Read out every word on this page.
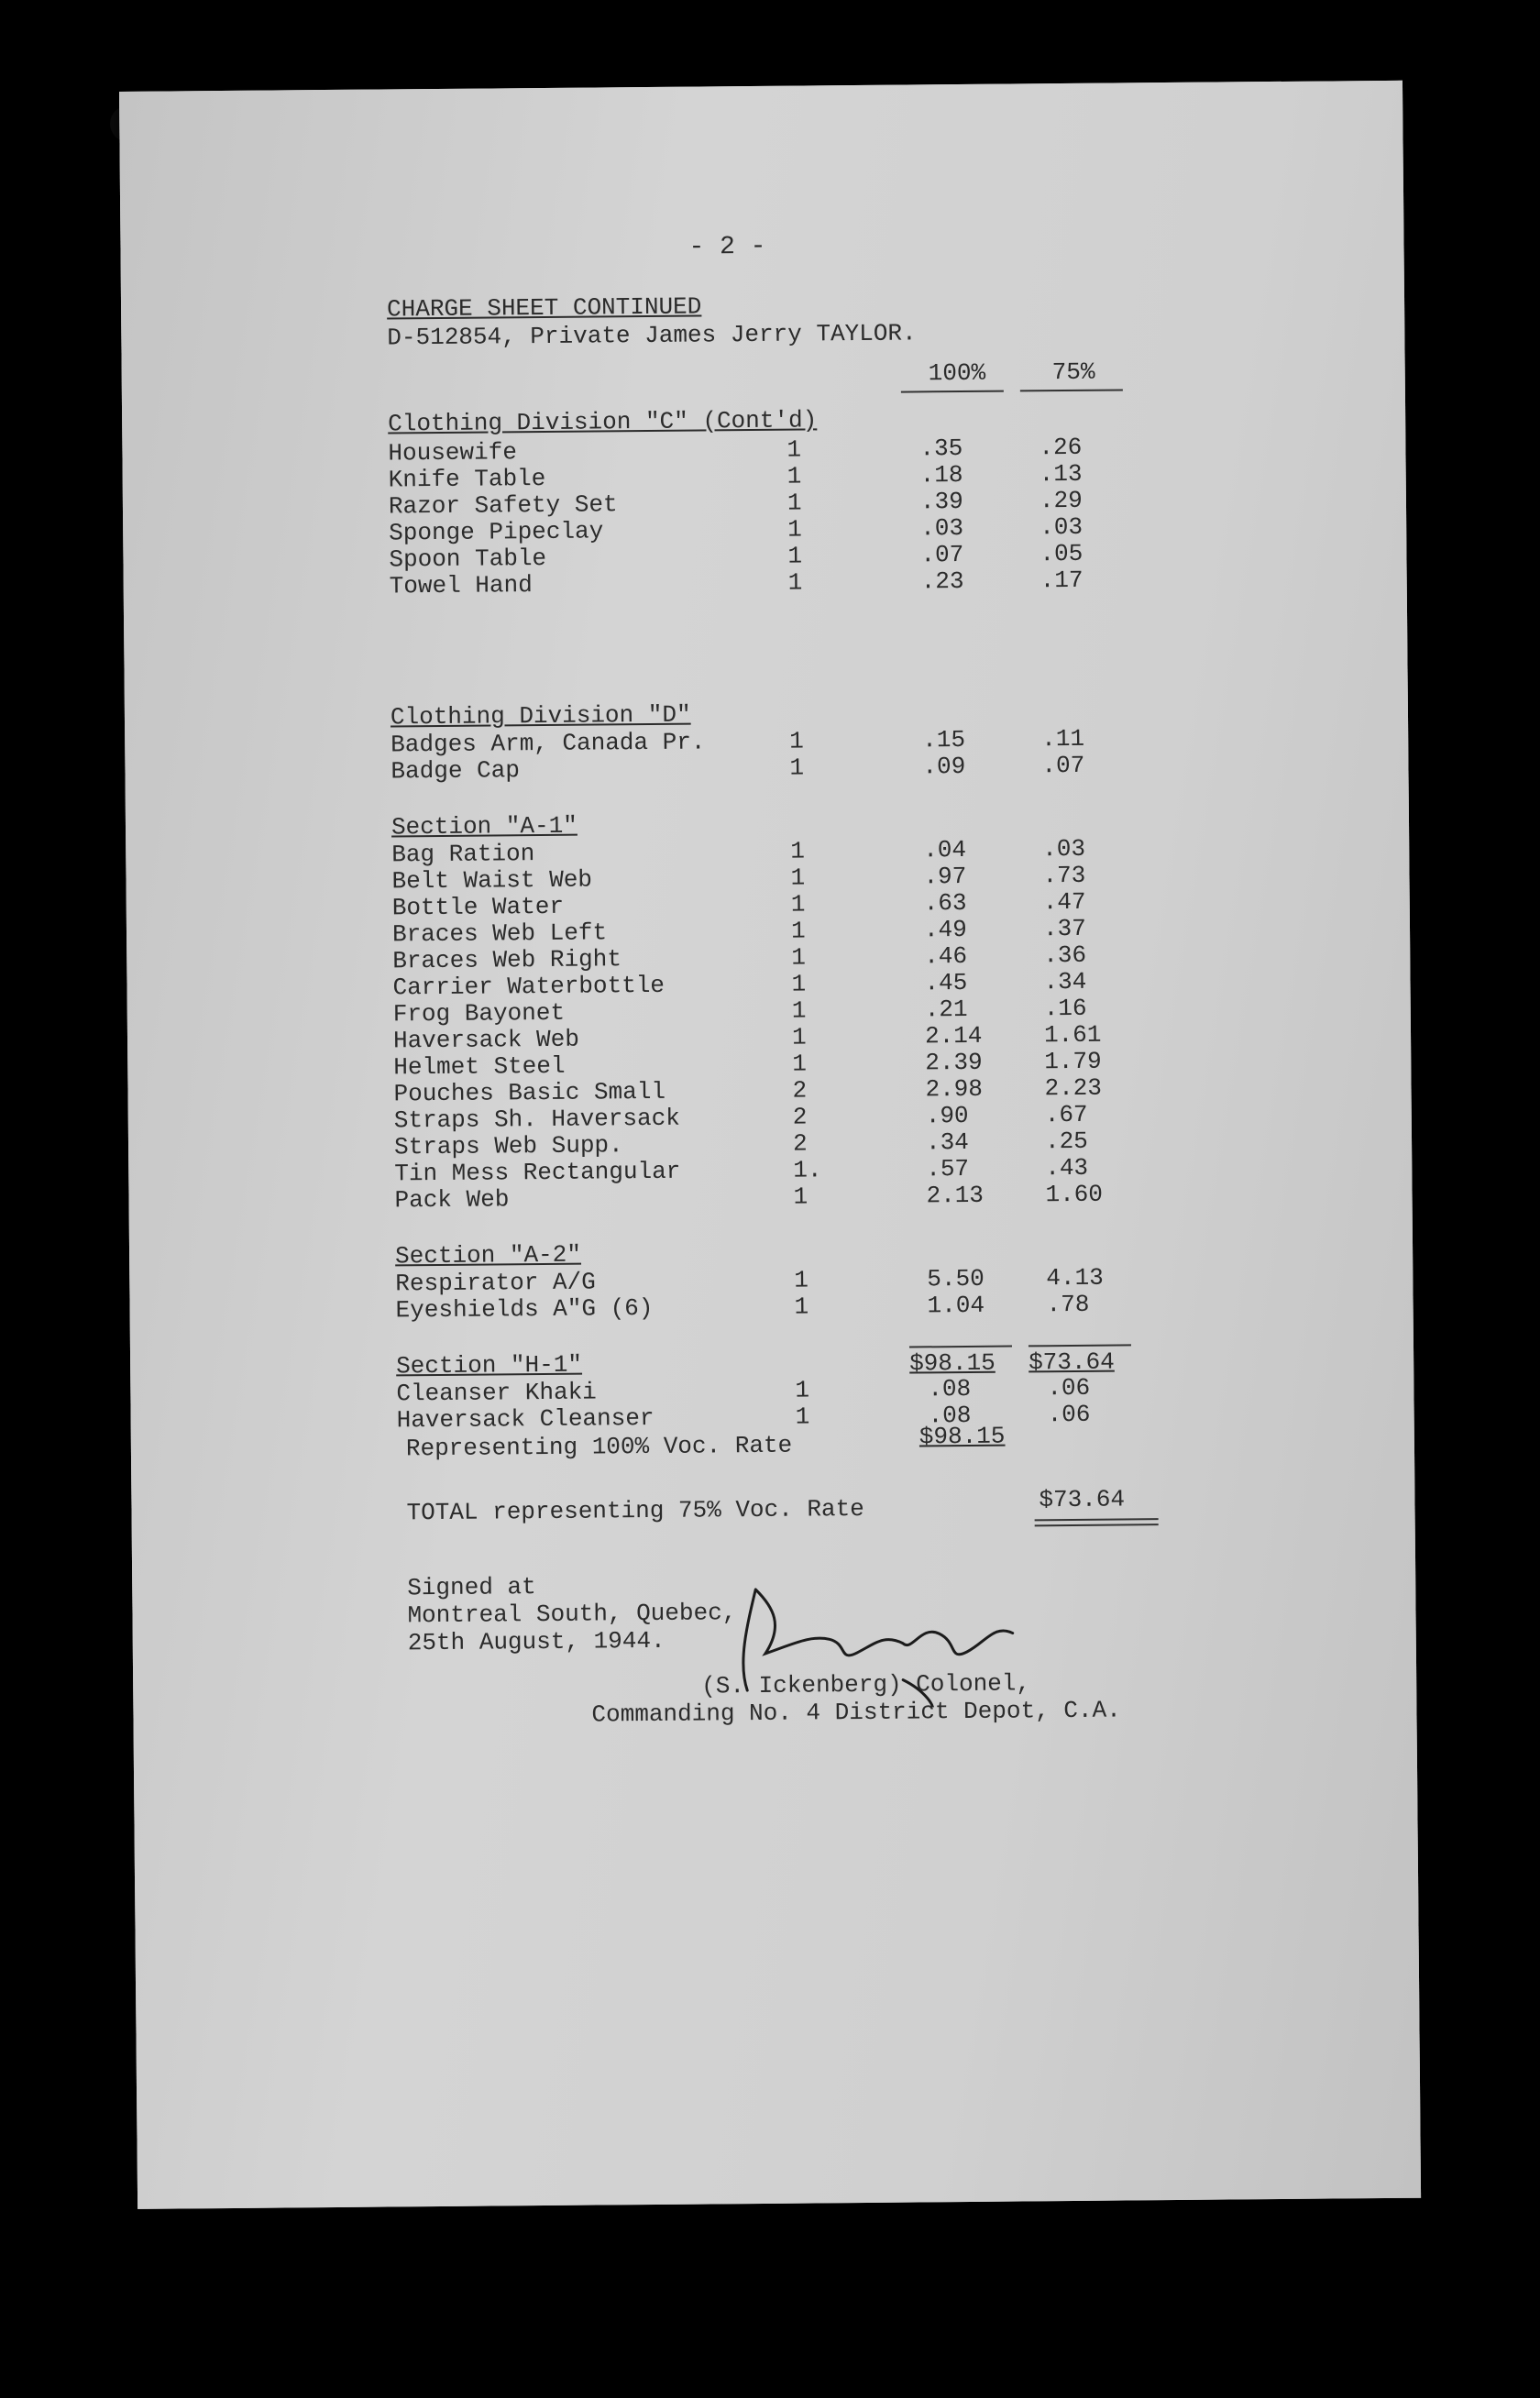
- 2 -
CHARGE SHEET CONTINUED
D-512854, Private James Jerry TAYLOR.
100%	75%
Clothing Division "C" (Cont'd)
Housewife	1	.35	.26
Knife Table	1	.18	.13
Razor Safety Set	1	.39	.29
Sponge Pipeclay	1	.03	.03
Spoon Table	1	.07	.05
Towel Hand	1	.23	.17
Clothing Division "D"
Badges Arm, Canada Pr.	1	.15	.11
Badge Cap	1	.09	.07
Section "A-1"
Bag Ration	1	.04	.03
Belt Waist Web	1	.97	.73
Bottle Water	1	.63	.47
Braces Web Left	1	.49	.37
Braces Web Right	1	.46	.36
Carrier Waterbottle	1	.45	.34
Frog Bayonet	1	.21	.16
Haversack Web	1	2.14	1.61
Helmet Steel	1	2.39	1.79
Pouches Basic Small	2	2.98	2.23
Straps Sh. Haversack	2	.90	.67
Straps Web Supp.	2	.34	.25
Tin Mess Rectangular	1.	.57	.43
Pack Web	1	2.13	1.60
Section "A-2"
Respirator A/G	1	5.50	4.13
Eyeshields A"G (6)	1	1.04	.78
Section "H-1"
Cleanser Khaki	1	.08	.06
Haversack Cleanser	1	.08	.06
$98.15 $73.64
Representing 100% Voc. Rate	$98.15
TOTAL representing 75% Voc. Rate	$73.64
Signed at
Montreal South, Quebec,
25th August, 1944.
(S. Ickenberg) Colonel,
Commanding No. 4 District Depot, C.A.
